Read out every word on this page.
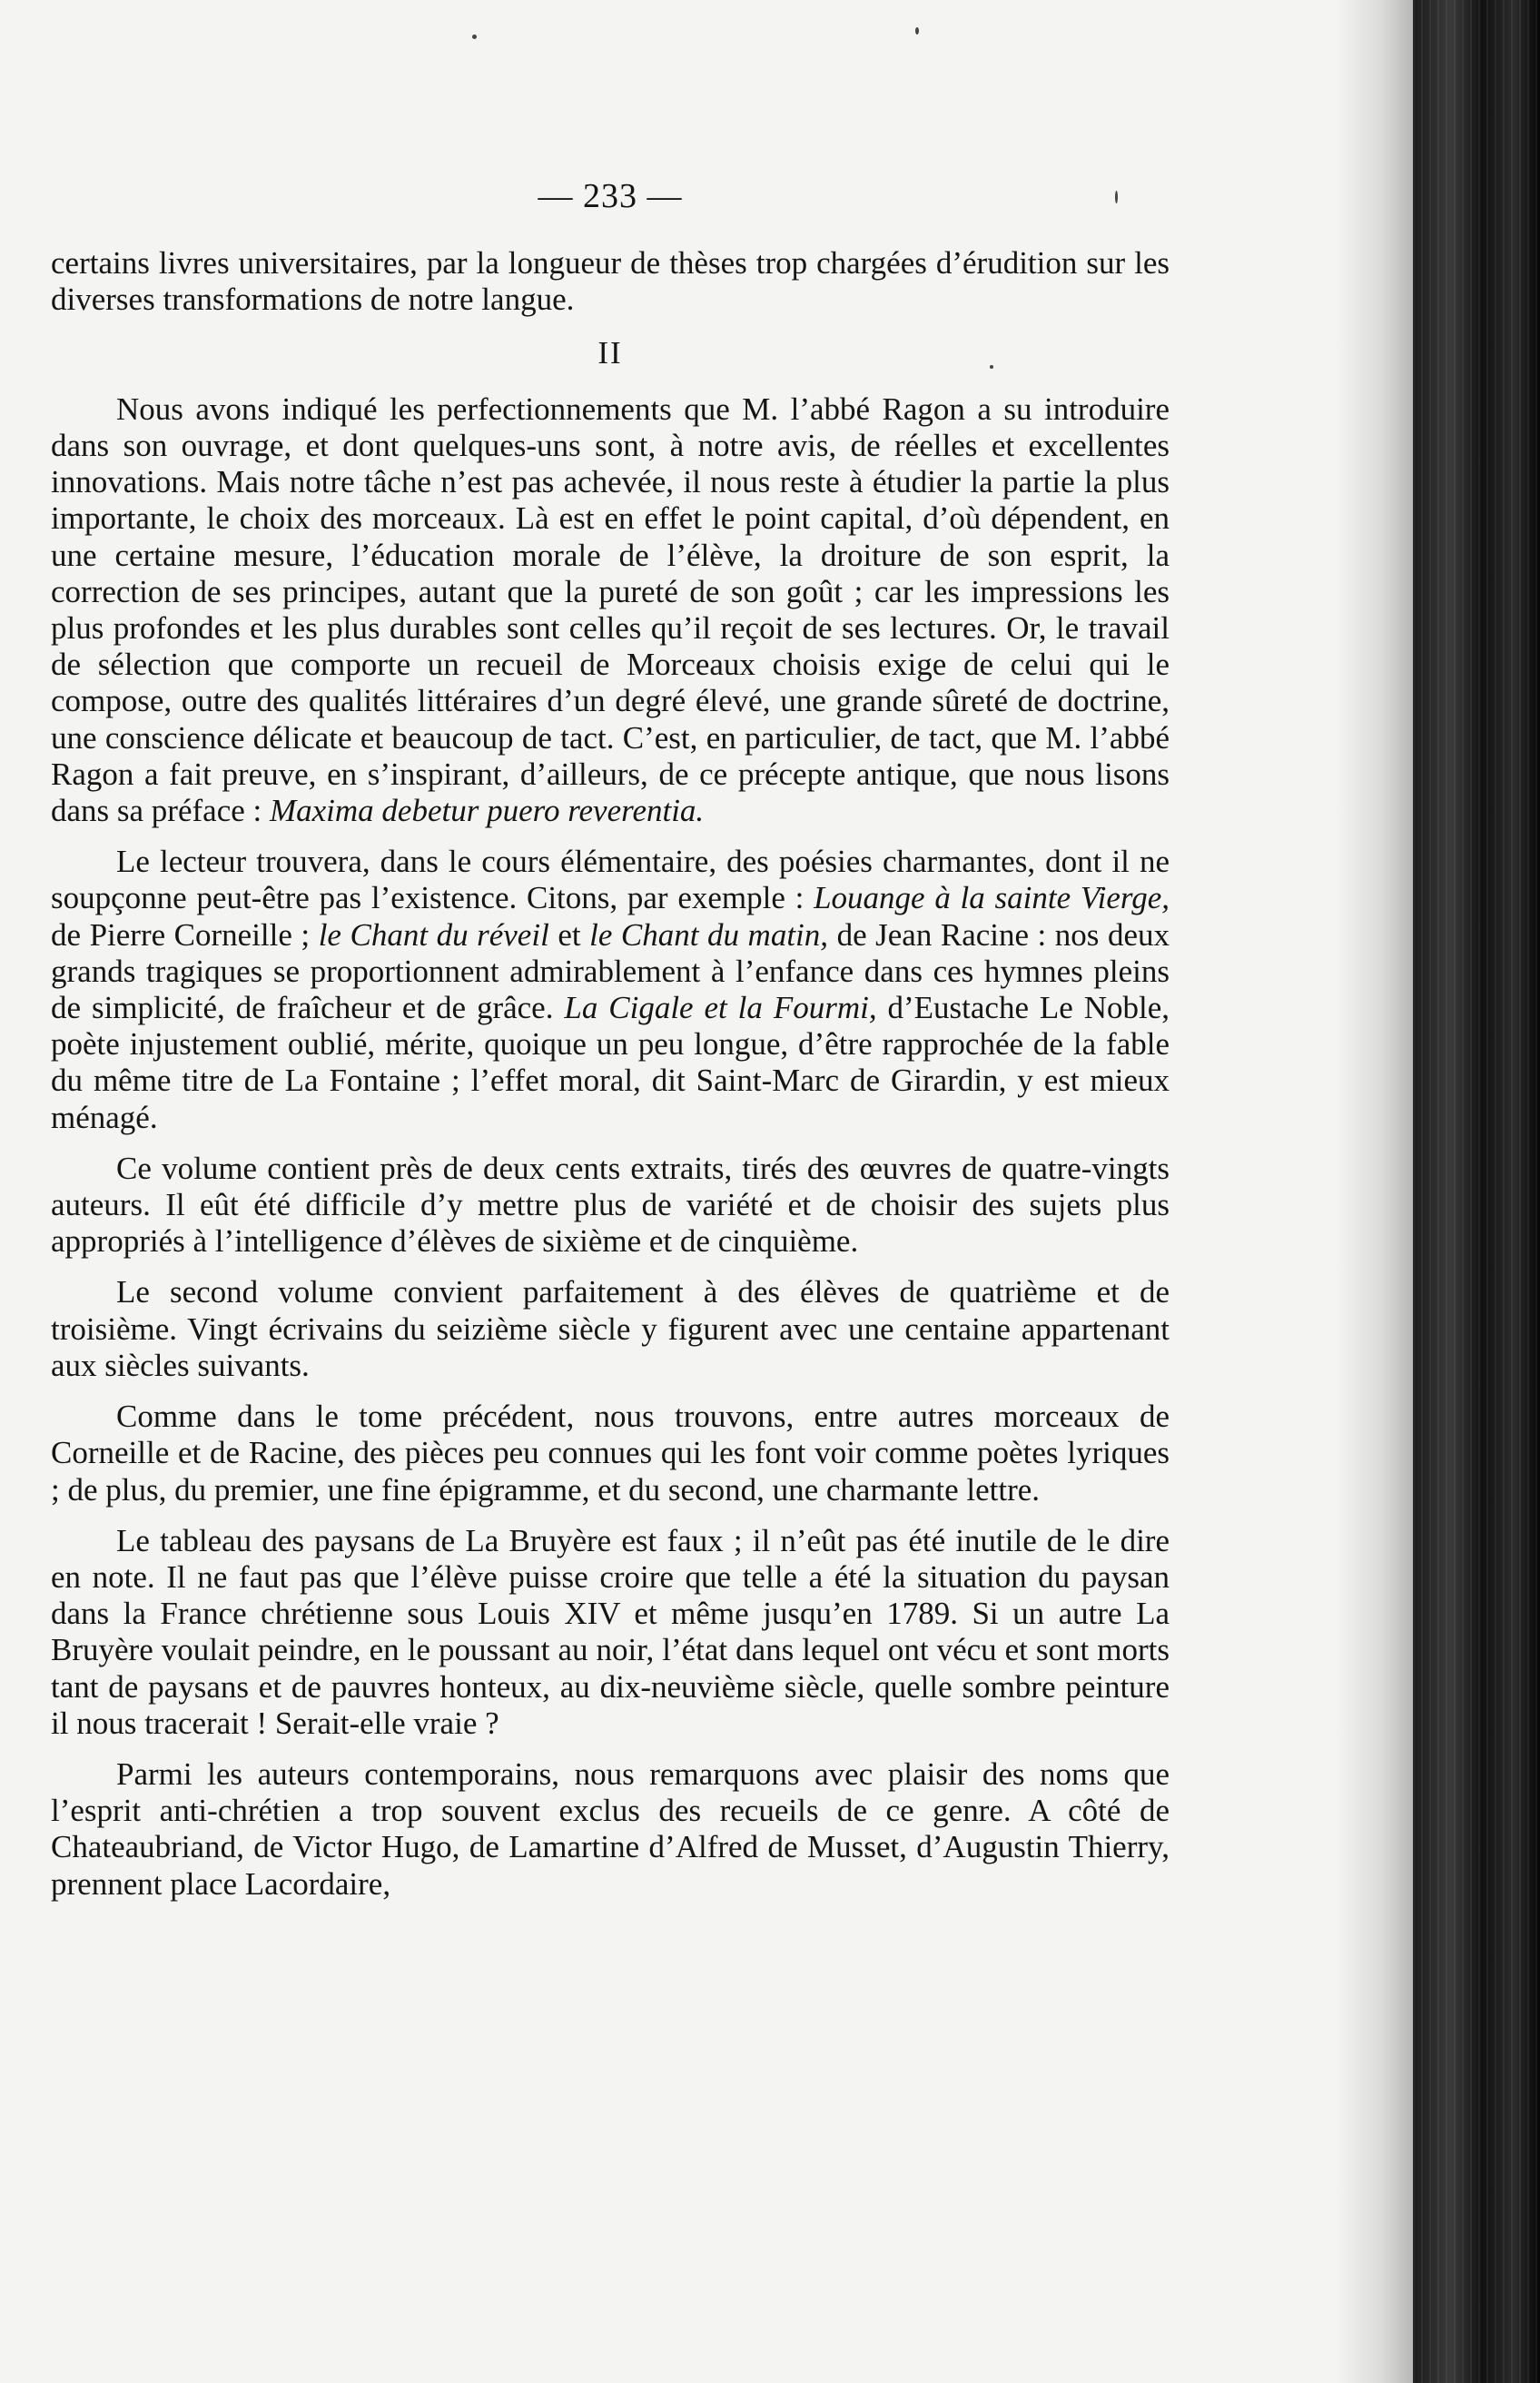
— 233 —

certains livres universitaires, par la longueur de thèses trop chargées d’érudition sur les diverses transformations de notre langue.

II

Nous avons indiqué les perfectionnements que M. l’abbé Ragon a su introduire dans son ouvrage, et dont quelques-uns sont, à notre avis, de réelles et excellentes innovations. Mais notre tâche n’est pas achevée, il nous reste à étudier la partie la plus importante, le choix des morceaux. Là est en effet le point capital, d’où dépendent, en une certaine mesure, l’éducation morale de l’élève, la droiture de son esprit, la correction de ses principes, autant que la pureté de son goût ; car les impressions les plus profondes et les plus durables sont celles qu’il reçoit de ses lectures. Or, le travail de sélection que comporte un recueil de Morceaux choisis exige de celui qui le compose, outre des qualités littéraires d’un degré élevé, une grande sûreté de doctrine, une conscience délicate et beaucoup de tact. C’est, en particulier, de tact, que M. l’abbé Ragon a fait preuve, en s’inspirant, d’ailleurs, de ce précepte antique, que nous lisons dans sa préface : Maxima debetur puero reverentia.

Le lecteur trouvera, dans le cours élémentaire, des poésies charmantes, dont il ne soupçonne peut-être pas l’existence. Citons, par exemple : Louange à la sainte Vierge, de Pierre Corneille ; le Chant du réveil et le Chant du matin, de Jean Racine : nos deux grands tragiques se proportionnent admirablement à l’enfance dans ces hymnes pleins de simplicité, de fraîcheur et de grâce. La Cigale et la Fourmi, d’Eustache Le Noble, poète injustement oublié, mérite, quoique un peu longue, d’être rapprochée de la fable du même titre de La Fontaine ; l’effet moral, dit Saint-Marc de Girardin, y est mieux ménagé.

Ce volume contient près de deux cents extraits, tirés des œuvres de quatre-vingts auteurs. Il eût été difficile d’y mettre plus de variété et de choisir des sujets plus appropriés à l’intelligence d’élèves de sixième et de cinquième.

Le second volume convient parfaitement à des élèves de quatrième et de troisième. Vingt écrivains du seizième siècle y figurent avec une centaine appartenant aux siècles suivants.

Comme dans le tome précédent, nous trouvons, entre autres morceaux de Corneille et de Racine, des pièces peu connues qui les font voir comme poètes lyriques ; de plus, du premier, une fine épigramme, et du second, une charmante lettre.

Le tableau des paysans de La Bruyère est faux ; il n’eût pas été inutile de le dire en note. Il ne faut pas que l’élève puisse croire que telle a été la situation du paysan dans la France chrétienne sous Louis XIV et même jusqu’en 1789. Si un autre La Bruyère voulait peindre, en le poussant au noir, l’état dans lequel ont vécu et sont morts tant de paysans et de pauvres honteux, au dix-neuvième siècle, quelle sombre peinture il nous tracerait ! Serait-elle vraie ?

Parmi les auteurs contemporains, nous remarquons avec plaisir des noms que l’esprit anti-chrétien a trop souvent exclus des recueils de ce genre. A côté de Chateaubriand, de Victor Hugo, de Lamartine d’Alfred de Musset, d’Augustin Thierry, prennent place Lacordaire,
